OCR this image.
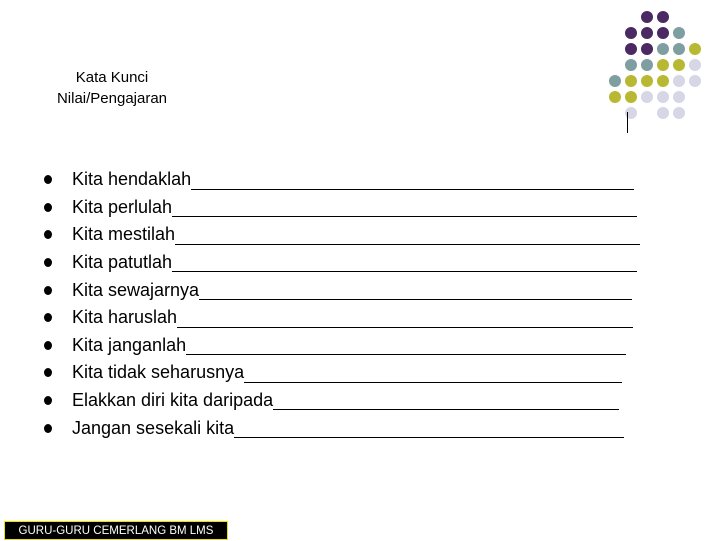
Kata Kunci
Nilai/Pengajaran
Kita hendaklah
Kita perlulah
Kita mestilah
Kita patutlah
Kita sewajarnya
Kita haruslah
Kita janganlah
Kita tidak seharusnya
Elakkan diri kita daripada
Jangan sesekali kita
GURU-GURU CEMERLANG BM LMS
